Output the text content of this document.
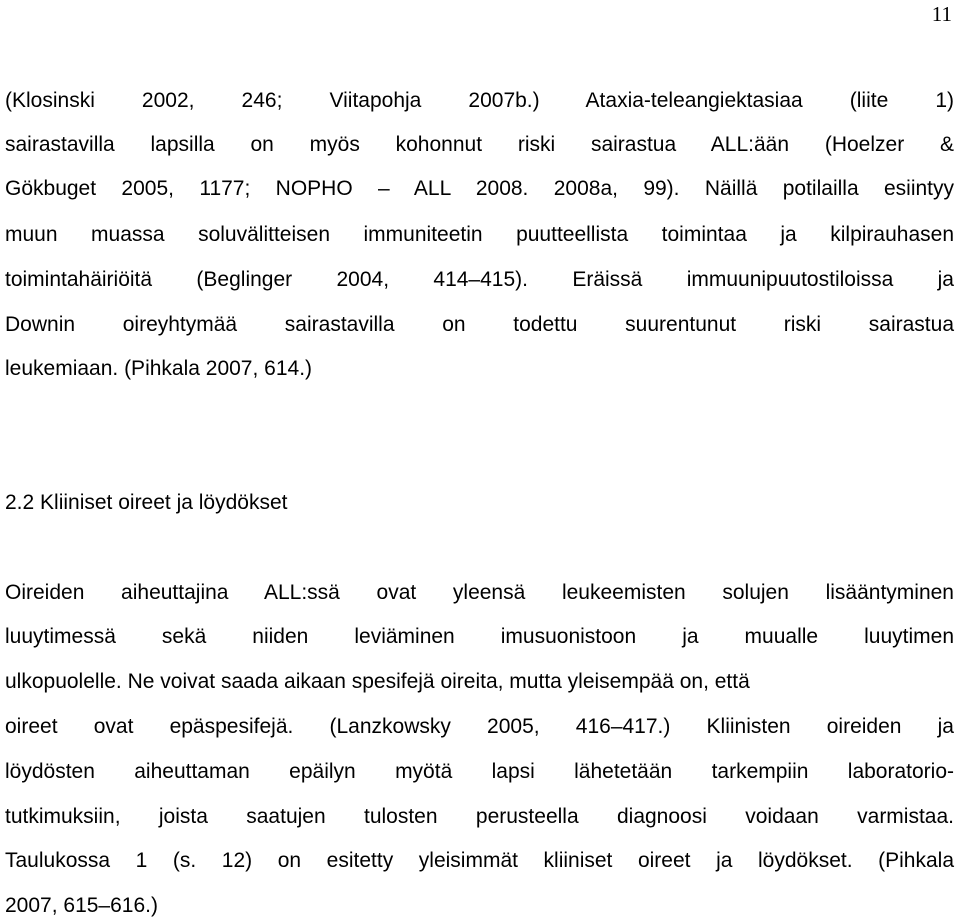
11
(Klosinski 2002, 246; Viitapohja 2007b.) Ataxia-teleangiektasiaa (liite 1)
sairastavilla lapsilla on myös kohonnut riski sairastua ALL:ään (Hoelzer &
Gökbuget 2005, 1177; NOPHO – ALL 2008. 2008a, 99). Näillä potilailla esiintyy
muun muassa soluvälitteisen immuniteetin puutteellista toimintaa ja kilpirauhasen
toimintahäiriöitä (Beglinger 2004, 414–415). Eräissä immuunipuutostiloissa ja
Downin oireyhtymää sairastavilla on todettu suurentunut riski sairastua
leukemiaan. (Pihkala 2007, 614.)
2.2 Kliiniset oireet ja löydökset
Oireiden aiheuttajina ALL:ssä ovat yleensä leukeemisten solujen lisääntyminen
luuytimessä sekä niiden leviäminen imusuonistoon ja muualle luuytimen
ulkopuolelle. Ne voivat saada aikaan spesifejä oireita, mutta yleisempää on, että
oireet ovat epäspesifejä. (Lanzkowsky 2005, 416–417.) Kliinisten oireiden ja
löydösten aiheuttaman epäilyn myötä lapsi lähetetään tarkempiin laboratorio-
tutkimuksiin, joista saatujen tulosten perusteella diagnoosi voidaan varmistaa.
Taulukossa 1 (s. 12) on esitetty yleisimmät kliiniset oireet ja löydökset. (Pihkala
2007, 615–616.)
